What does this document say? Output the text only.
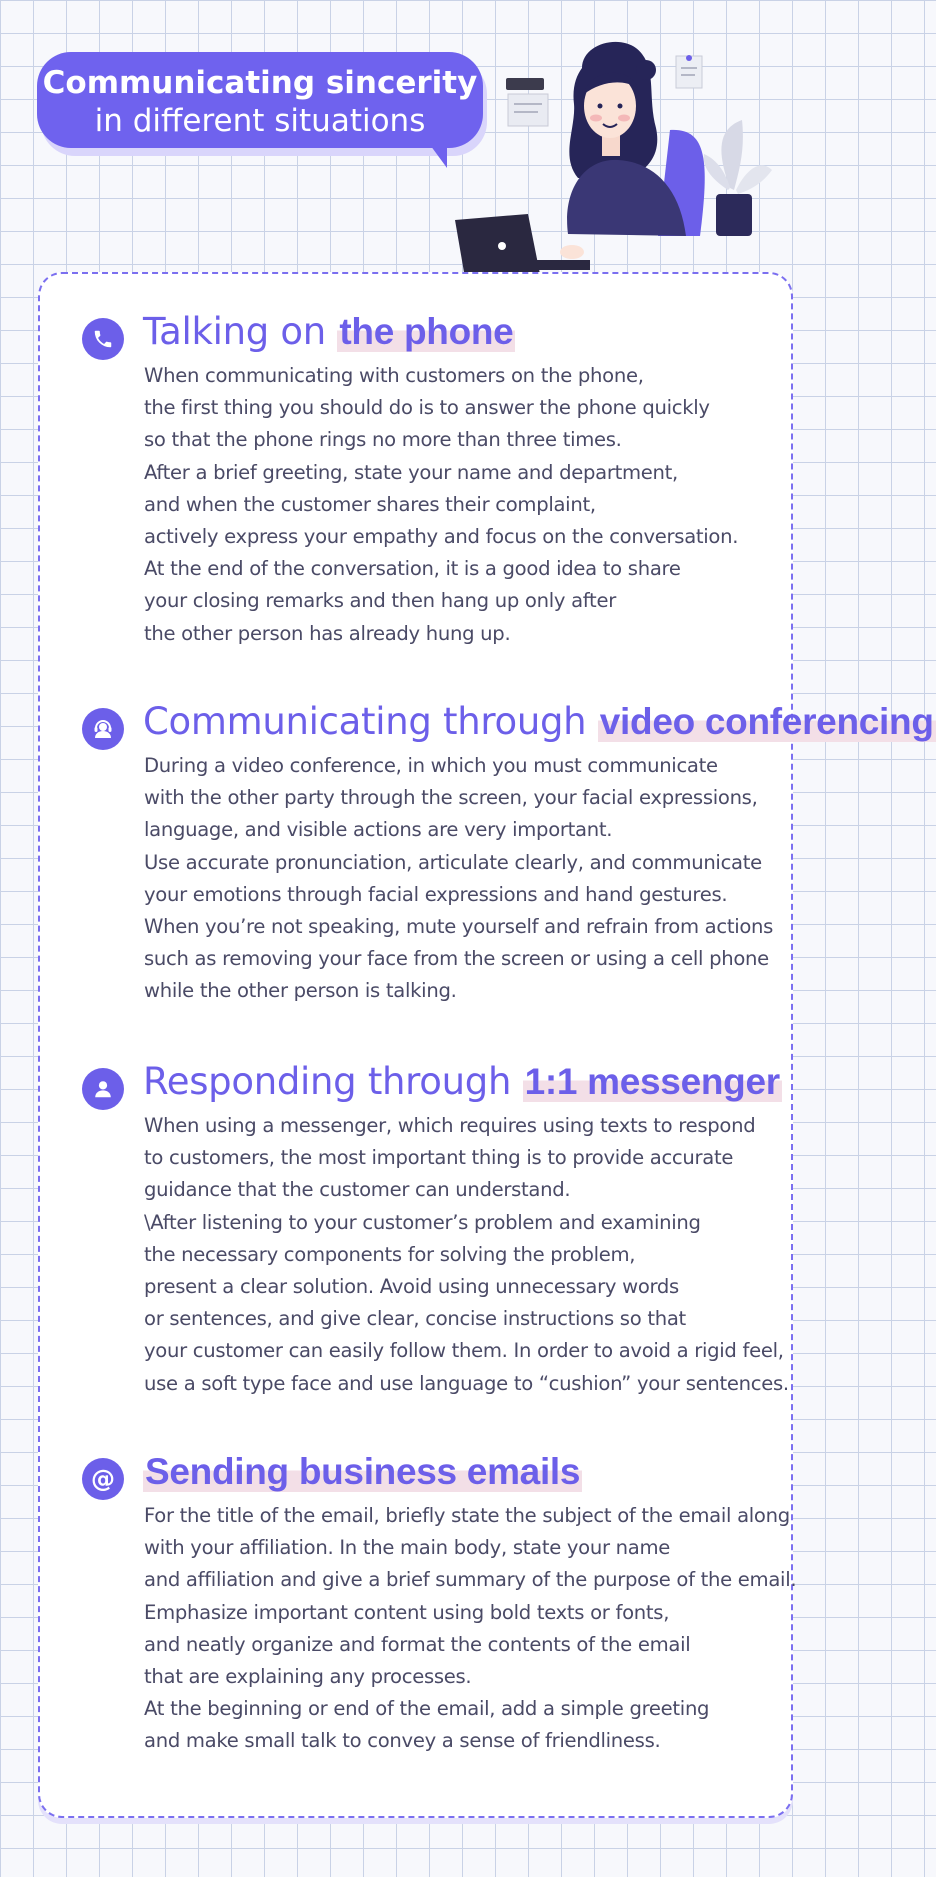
Communicating sincerity
in different situations
Talking on the phone
When communicating with customers on the phone,
the first thing you should do is to answer the phone quickly
so that the phone rings no more than three times.
After a brief greeting, state your name and department,
and when the customer shares their complaint,
actively express your empathy and focus on the conversation.
At the end of the conversation, it is a good idea to share
your closing remarks and then hang up only after
the other person has already hung up.
Communicating through video conferencing
During a video conference, in which you must communicate
with the other party through the screen, your facial expressions,
language, and visible actions are very important.
Use accurate pronunciation, articulate clearly, and communicate
your emotions through facial expressions and hand gestures.
When you’re not speaking, mute yourself and refrain from actions
such as removing your face from the screen or using a cell phone
while the other person is talking.
Responding through 1:1 messenger
When using a messenger, which requires using texts to respond
to customers, the most important thing is to provide accurate
guidance that the customer can understand.
\After listening to your customer’s problem and examining
the necessary components for solving the problem,
present a clear solution. Avoid using unnecessary words
or sentences, and give clear, concise instructions so that
your customer can easily follow them. In order to avoid a rigid feel,
use a soft type face and use language to “cushion” your sentences.
@ Sending business emails
For the title of the email, briefly state the subject of the email along
with your affiliation. In the main body, state your name
and affiliation and give a brief summary of the purpose of the email.
Emphasize important content using bold texts or fonts,
and neatly organize and format the contents of the email
that are explaining any processes.
At the beginning or end of the email, add a simple greeting
and make small talk to convey a sense of friendliness.
